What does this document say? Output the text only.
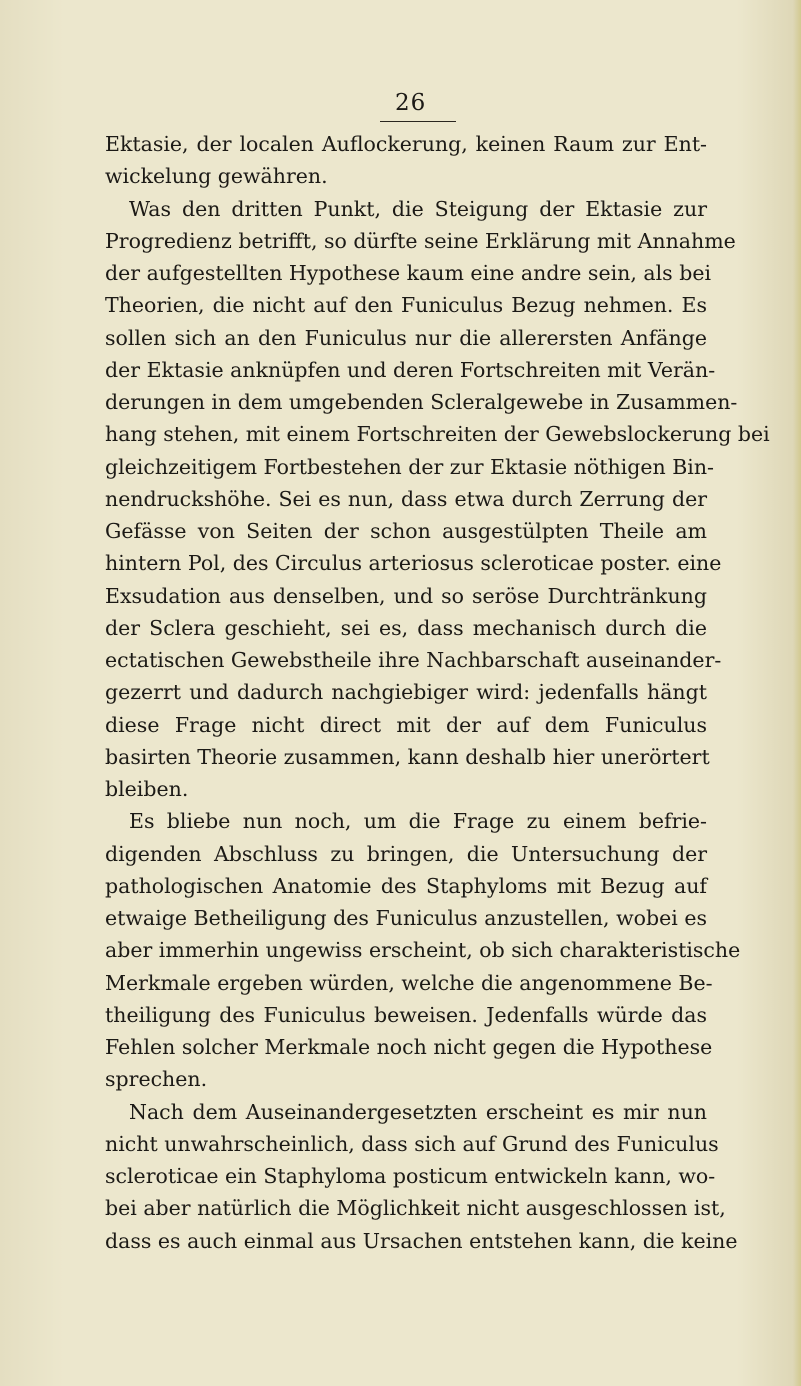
26
Ektasie, der localen Auflockerung, keinen Raum zur Ent-
wickelung gewähren.
Was den dritten Punkt, die Steigung der Ektasie zur
Progredienz betrifft, so dürfte seine Erklärung mit Annahme
der aufgestellten Hypothese kaum eine andre sein, als bei
Theorien, die nicht auf den Funiculus Bezug nehmen. Es
sollen sich an den Funiculus nur die allerersten Anfänge
der Ektasie anknüpfen und deren Fortschreiten mit Verän-
derungen in dem umgebenden Scleralgewebe in Zusammen-
hang stehen, mit einem Fortschreiten der Gewebslockerung bei
gleichzeitigem Fortbestehen der zur Ektasie nöthigen Bin-
nendruckshöhe. Sei es nun, dass etwa durch Zerrung der
Gefässe von Seiten der schon ausgestülpten Theile am
hintern Pol, des Circulus arteriosus scleroticae poster. eine
Exsudation aus denselben, und so seröse Durchtränkung
der Sclera geschieht, sei es, dass mechanisch durch die
ectatischen Gewebstheile ihre Nachbarschaft auseinander-
gezerrt und dadurch nachgiebiger wird: jedenfalls hängt
diese Frage nicht direct mit der auf dem Funiculus
basirten Theorie zusammen, kann deshalb hier unerörtert
bleiben.
Es bliebe nun noch, um die Frage zu einem befrie-
digenden Abschluss zu bringen, die Untersuchung der
pathologischen Anatomie des Staphyloms mit Bezug auf
etwaige Betheiligung des Funiculus anzustellen, wobei es
aber immerhin ungewiss erscheint, ob sich charakteristische
Merkmale ergeben würden, welche die angenommene Be-
theiligung des Funiculus beweisen. Jedenfalls würde das
Fehlen solcher Merkmale noch nicht gegen die Hypothese
sprechen.
Nach dem Auseinandergesetzten erscheint es mir nun
nicht unwahrscheinlich, dass sich auf Grund des Funiculus
scleroticae ein Staphyloma posticum entwickeln kann, wo-
bei aber natürlich die Möglichkeit nicht ausgeschlossen ist,
dass es auch einmal aus Ursachen entstehen kann, die keine
